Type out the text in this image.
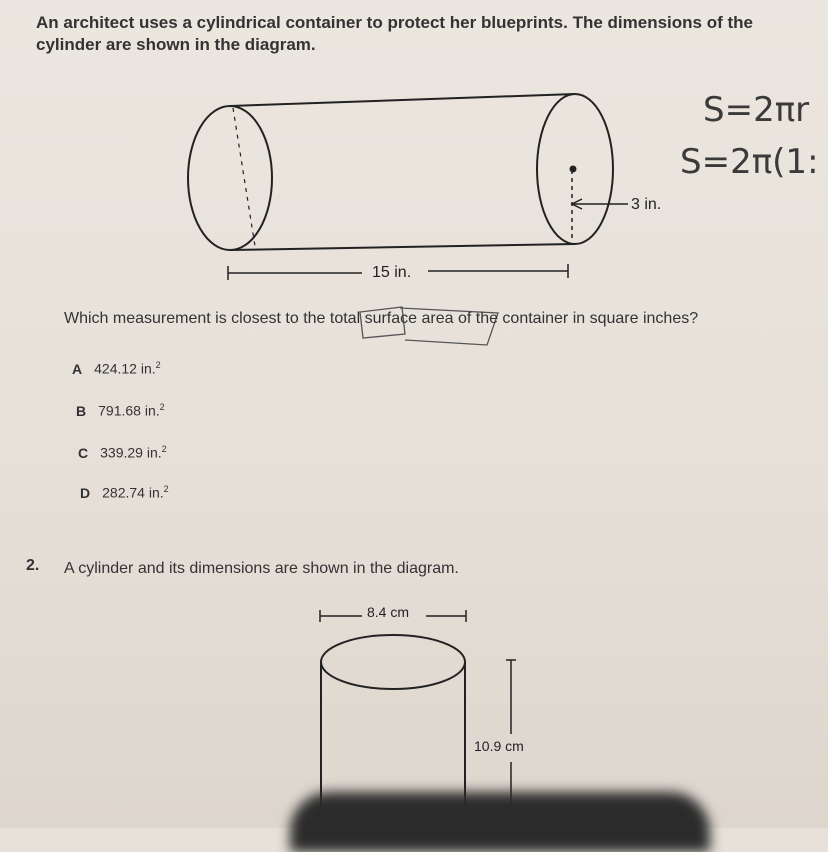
An architect uses a cylindrical container to protect her blueprints. The dimensions of the cylinder are shown in the diagram.

S=2πr
S=2π(1:
3 in.
15 in.
Which measurement is closest to the total surface area of the container in square inches?
A 424.12 in.$^2$
B 791.68 in.$^2$
C 339.29 in.$^2$
D 282.74 in.$^2$
2. A cylinder and its dimensions are shown in the diagram.
8.4 cm
10.9 cm
